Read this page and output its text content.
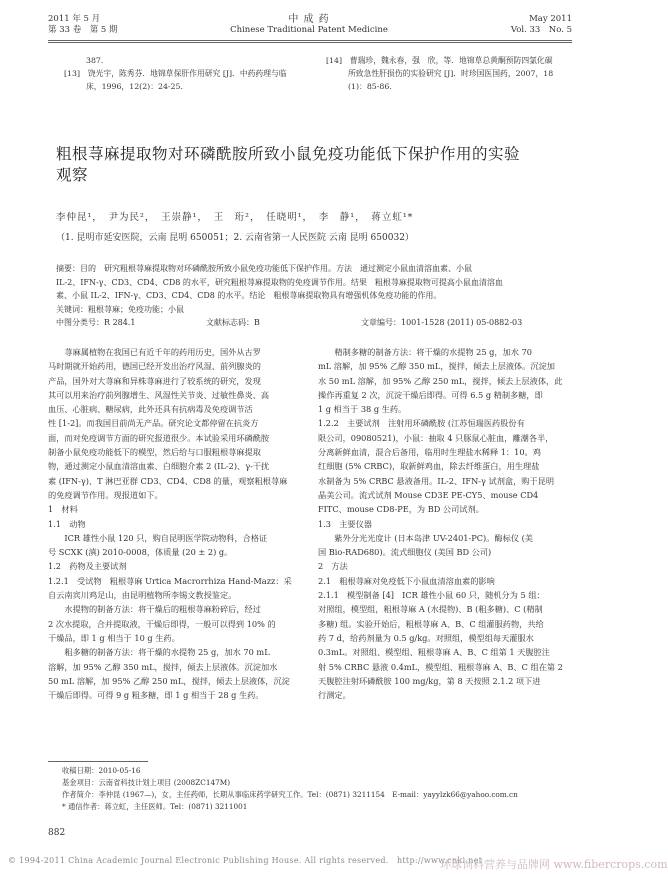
2011 年 5 月
第 33 卷　第 5 期
中 成 药
Chinese Traditional Patent Medicine
May 2011
Vol. 33　No. 5
387.
[13]　饶光宇，陈秀芬．地锦草保肝作用研究 [J]．中药药理与临
床，1996，12(2)：24-25.
[14]　曹瑞珍，魏永春，强　欣，等．地锦草总黄酮预防四氯化碳
所致急性肝损伤的实验研究 [J]．时珍国医国药，2007，18
(1)：85-86.
粗根荨麻提取物对环磷酰胺所致小鼠免疫功能低下保护作用的实验
观察
李仲昆¹，　尹为民²，　王崇静¹，　王　珩²，　任晓明¹，　李　静¹，　蒋立虹¹*
（1. 昆明市延安医院，云南 昆明 650051；2. 云南省第一人民医院 云南 昆明 650032）
摘要：目的　研究粗根荨麻提取物对环磷酰胺所致小鼠免疫功能低下保护作用。方法　通过测定小鼠血清溶血素、小鼠
IL-2、IFN-γ、CD3、CD4、CD8 的水平，研究粗根荨麻提取物的免疫调节作用。结果　粗根荨麻提取物可提高小鼠血清溶血
素、小鼠 IL-2、IFN-γ、CD3、CD4、CD8 的水平。结论　粗根荨麻提取物具有增强机体免疫功能的作用。
关键词：粗根荨麻；免疫功能；小鼠
中图分类号：R 284.1	文献标志码：B	文章编号：1001-1528 (2011) 05-0882-03
　　荨麻属植物在我国已有近千年的药用历史，国外从古罗
马时期就开始药用，德国已经开发出治疗风湿、前列腺炎的
产品，国外对大荨麻和异株荨麻进行了较系统的研究，发现
其可以用来治疗前列腺增生、风湿性关节炎、过敏性鼻炎、高
血压、心脏病、糖尿病，此外还具有抗病毒及免疫调节活
性 [1-2]。而我国目前尚无产品。研究论文都停留在抗炎方
面，而对免疫调节方面的研究报道很少。本试验采用环磷酰胺
制备小鼠免疫功能低下的模型，然后给与口服粗根荨麻提取
物，通过测定小鼠血清溶血素、白细胞介素 2 (IL-2)、γ-干扰
素 (IFN-γ)、T 淋巴亚群 CD3、CD4、CD8 的量，观察粗根荨麻
的免疫调节作用。现报道如下。
1　材料
1.1　动物
　　ICR 雄性小鼠 120 只，购自昆明医学院动物科，合格证
号 SCXK (滇) 2010-0008，体质量 (20 ± 2) g。
1.2　药物及主要试剂
1.2.1　受试物　粗根荨麻 Urtica Macrorrhiza Hand-Mazz：采
自云南宾川鸡足山，由昆明植物所李锡文教授鉴定。
　　水提物的制备方法：将干燥后的粗根荨麻粉碎后，经过
2 次水提取，合并提取液，干燥后即得，一般可以得到 10% 的
干燥品，即 1 g 相当于 10 g 生药。
　　粗多糖的制备方法：将干燥的水提物 25 g，加水 70 mL
溶解，加 95% 乙醇 350 mL，搅拌，倾去上层液体。沉淀加水
50 mL 溶解，加 95% 乙醇 250 mL，搅拌，倾去上层液体，沉淀
干燥后即得。可得 9 g 粗多糖，即 1 g 相当于 28 g 生药。
　　精制多糖的制备方法：将干燥的水提物 25 g，加水 70
mL 溶解，加 95% 乙醇 350 mL，搅拌，倾去上层液体。沉淀加
水 50 mL 溶解，加 95% 乙醇 250 mL，搅拌，倾去上层液体，此
操作再重复 2 次，沉淀干燥后即得。可得 6.5 g 精制多糖，即
1 g 相当于 38 g 生药。
1.2.2　主要试剂　注射用环磷酰胺 (江苏恒瑞医药股份有
限公司，09080521)，小鼠：抽取 4 只豚鼠心脏血，離潮各半，
分离新鲜血清，混合后备用，临用时生理盐水稀释 1：10。鸡
红细胞 (5% CRBC)，取新鲜鸡血，除去纤维蛋白，用生理盐
水制备为 5% CRBC 悬液备用。IL-2、IFN-γ 试剂盒，购于昆明
晶美公司。流式试剂 Mouse CD3E PE-CY5、mouse CD4
FITC、mouse CD8-PE，为 BD 公司试剂。
1.3　主要仪器
　　紫外分光光度计 (日本岛津 UV-2401-PC)。酶标仪 (美
国 Bio-RAD680)。流式细胞仪 (美国 BD 公司)
2　方法
2.1　粗根荨麻对免疫低下小鼠血清溶血素的影响
2.1.1　模型制备 [4]　ICR 雄性小鼠 60 只，随机分为 5 组：
对照组，模型组，粗根荨麻 A (水提物)、B (粗多糖)、C (精制
多糖) 组。实验开始后，粗根荨麻 A、B、C 组灌服药物，共给
药 7 d，给药剂量为 0.5 g/kg。对照组，模型组每天灌服水
0.3mL。对照组、模型组、粗根荨麻 A、B、C 组第 1 天腹腔注
射 5% CRBC 悬液 0.4mL，模型组、粗根荨麻 A、B、C 组在第 2
天腹腔注射环磷酰胺 100 mg/kg，第 8 天按照 2.1.2 项下进
行测定。
收稿日期：2010-05-16
基金项目：云南省科技计划上项目 (2008ZC147M)
作者简介：李仲昆 (1967—)，女，主任药师，长期从事临床药学研究工作。Tel：(0871) 3211154　E-mail：yayylzk66@yahoo.com.cn
* 通信作者：蒋立虹，主任医师。Tel：(0871) 3211001
882
© 1994-2011 China Academic Journal Electronic Publishing House. All rights reserved.　http://www.cnki.net
环球饲料营养与品牌网 www.fibercrops.com
